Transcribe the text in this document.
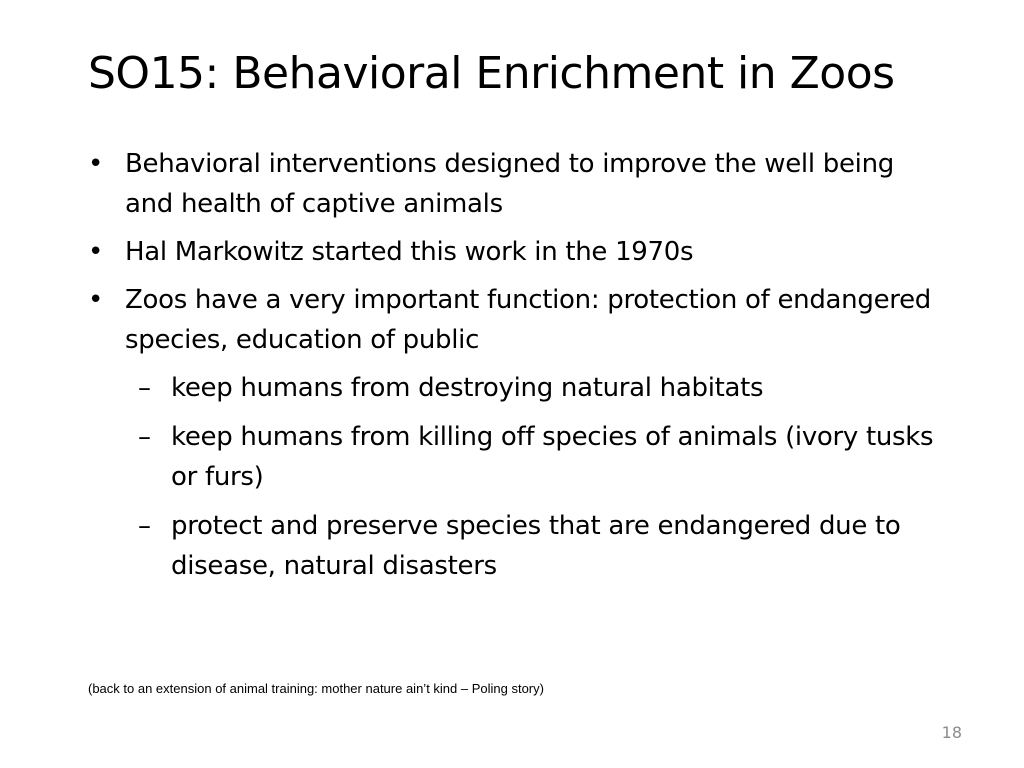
SO15: Behavioral Enrichment in Zoos
• Behavioral interventions designed to improve the well being and health of captive animals
• Hal Markowitz started this work in the 1970s
• Zoos have a very important function: protection of endangered species, education of public
– keep humans from destroying natural habitats
– keep humans from killing off species of animals (ivory tusks or furs)
– protect and preserve species that are endangered due to disease, natural disasters
(back to an extension of animal training: mother nature ain’t kind – Poling story)
18
